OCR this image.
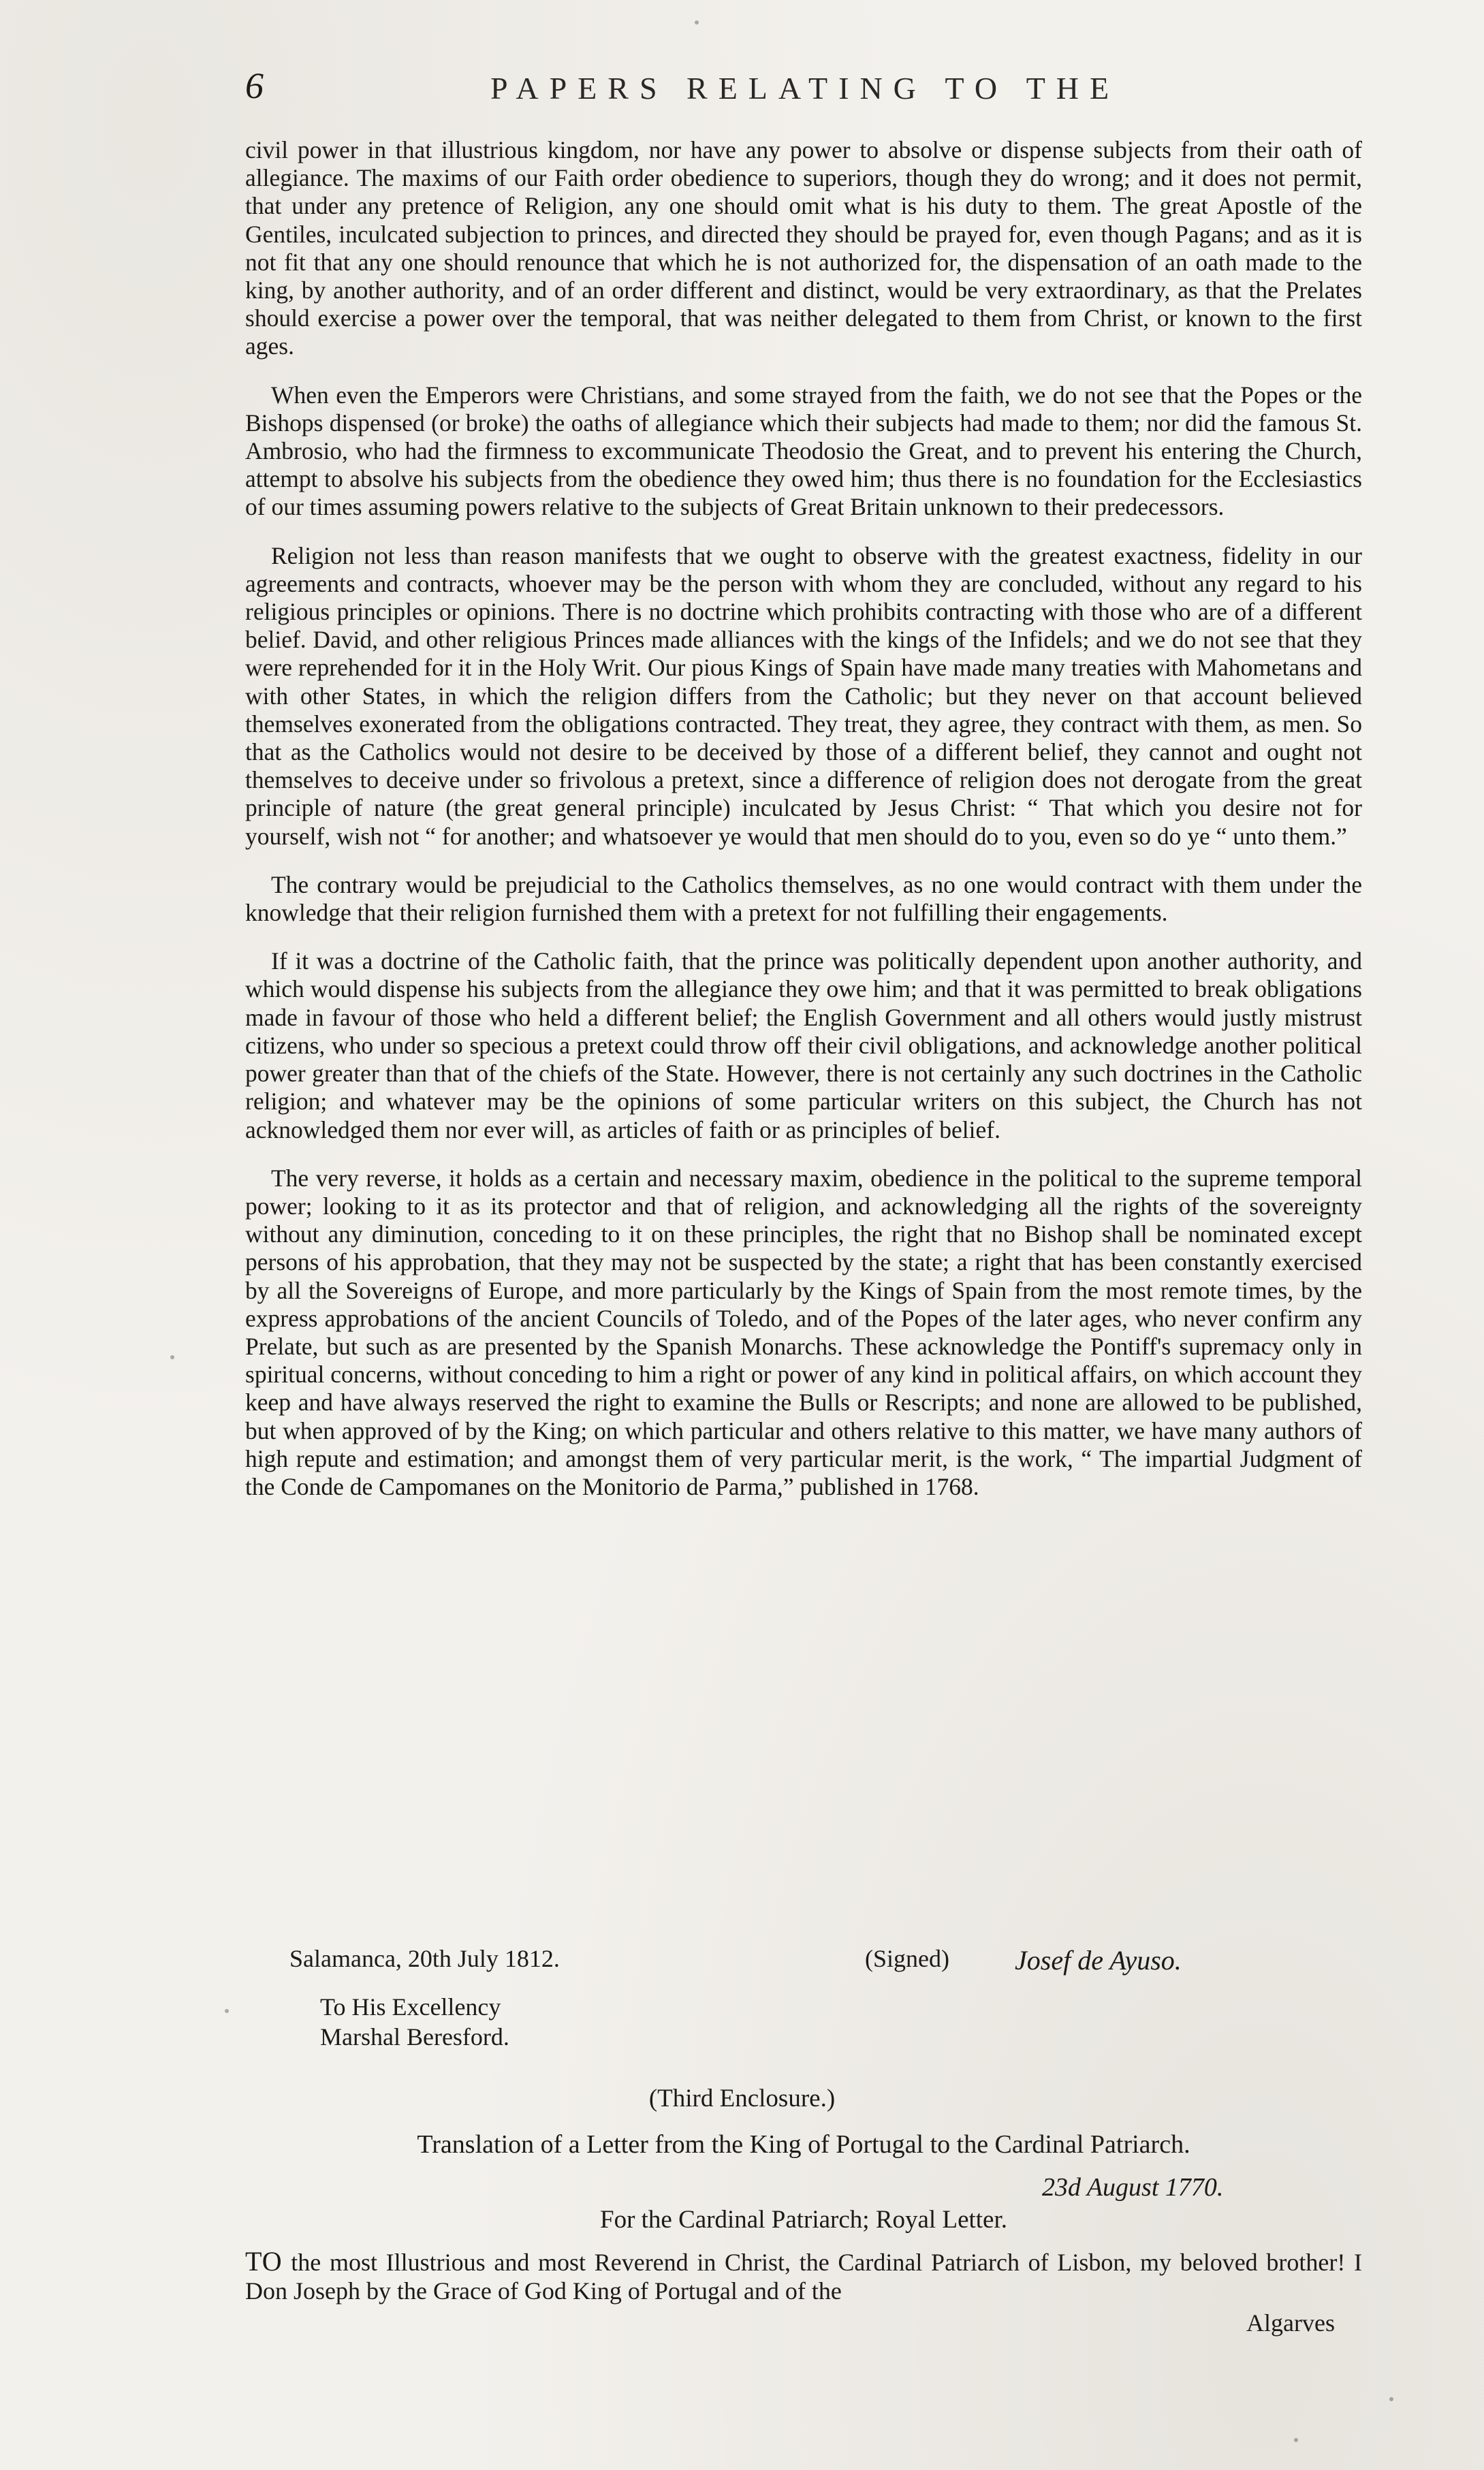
6	PAPERS RELATING TO THE

civil power in that illustrious kingdom, nor have any power to absolve or dispense subjects from their oath of allegiance. The maxims of our Faith order obedience to superiors, though they do wrong; and it does not permit, that under any pretence of Religion, any one should omit what is his duty to them. The great Apostle of the Gentiles, inculcated subjection to princes, and directed they should be prayed for, even though Pagans; and as it is not fit that any one should renounce that which he is not authorized for, the dispensation of an oath made to the king, by another authority, and of an order different and distinct, would be very extraordinary, as that the Prelates should exercise a power over the temporal, that was neither delegated to them from Christ, or known to the first ages.

When even the Emperors were Christians, and some strayed from the faith, we do not see that the Popes or the Bishops dispensed (or broke) the oaths of allegiance which their subjects had made to them; nor did the famous St. Ambrosio, who had the firmness to excommunicate Theodosio the Great, and to prevent his entering the Church, attempt to absolve his subjects from the obedience they owed him; thus there is no foundation for the Ecclesiastics of our times assuming powers relative to the subjects of Great Britain unknown to their predecessors.

Religion not less than reason manifests that we ought to observe with the greatest exactness, fidelity in our agreements and contracts, whoever may be the person with whom they are concluded, without any regard to his religious principles or opinions. There is no doctrine which prohibits contracting with those who are of a different belief. David, and other religious Princes made alliances with the kings of the Infidels; and we do not see that they were reprehended for it in the Holy Writ. Our pious Kings of Spain have made many treaties with Mahometans and with other States, in which the religion differs from the Catholic; but they never on that account believed themselves exonerated from the obligations contracted. They treat, they agree, they contract with them, as men. So that as the Catholics would not desire to be deceived by those of a different belief, they cannot and ought not themselves to deceive under so frivolous a pretext, since a difference of religion does not derogate from the great principle of nature (the great general principle) inculcated by Jesus Christ: “ That which you desire not for yourself, wish not “ for another; and whatsoever ye would that men should do to you, even so do ye “ unto them.”

The contrary would be prejudicial to the Catholics themselves, as no one would contract with them under the knowledge that their religion furnished them with a pretext for not fulfilling their engagements.

If it was a doctrine of the Catholic faith, that the prince was politically dependent upon another authority, and which would dispense his subjects from the allegiance they owe him; and that it was permitted to break obligations made in favour of those who held a different belief; the English Government and all others would justly mistrust citizens, who under so specious a pretext could throw off their civil obligations, and acknowledge another political power greater than that of the chiefs of the State. However, there is not certainly any such doctrines in the Catholic religion; and whatever may be the opinions of some particular writers on this subject, the Church has not acknowledged them nor ever will, as articles of faith or as principles of belief.

The very reverse, it holds as a certain and necessary maxim, obedience in the political to the supreme temporal power; looking to it as its protector and that of religion, and acknowledging all the rights of the sovereignty without any diminution, conceding to it on these principles, the right that no Bishop shall be nominated except persons of his approbation, that they may not be suspected by the state; a right that has been constantly exercised by all the Sovereigns of Europe, and more particularly by the Kings of Spain from the most remote times, by the express approbations of the ancient Councils of Toledo, and of the Popes of the later ages, who never confirm any Prelate, but such as are presented by the Spanish Monarchs. These acknowledge the Pontiff's supremacy only in spiritual concerns, without conceding to him a right or power of any kind in political affairs, on which account they keep and have always reserved the right to examine the Bulls or Rescripts; and none are allowed to be published, but when approved of by the King; on which particular and others relative to this matter, we have many authors of high repute and estimation; and amongst them of very particular merit, is the work, “ The impartial Judgment of the Conde de Campomanes on the Monitorio de Parma,” published in 1768.

Salamanca, 20th July 1812.	(Signed) Josef de Ayuso.
To His Excellency
Marshal Beresford.
(Third Enclosure.)
Translation of a Letter from the King of Portugal to the Cardinal Patriarch.
23d August 1770.
For the Cardinal Patriarch; Royal Letter.
TO the most Illustrious and most Reverend in Christ, the Cardinal Patriarch of Lisbon, my beloved brother! I Don Joseph by the Grace of God King of Portugal and of the
Algarves
